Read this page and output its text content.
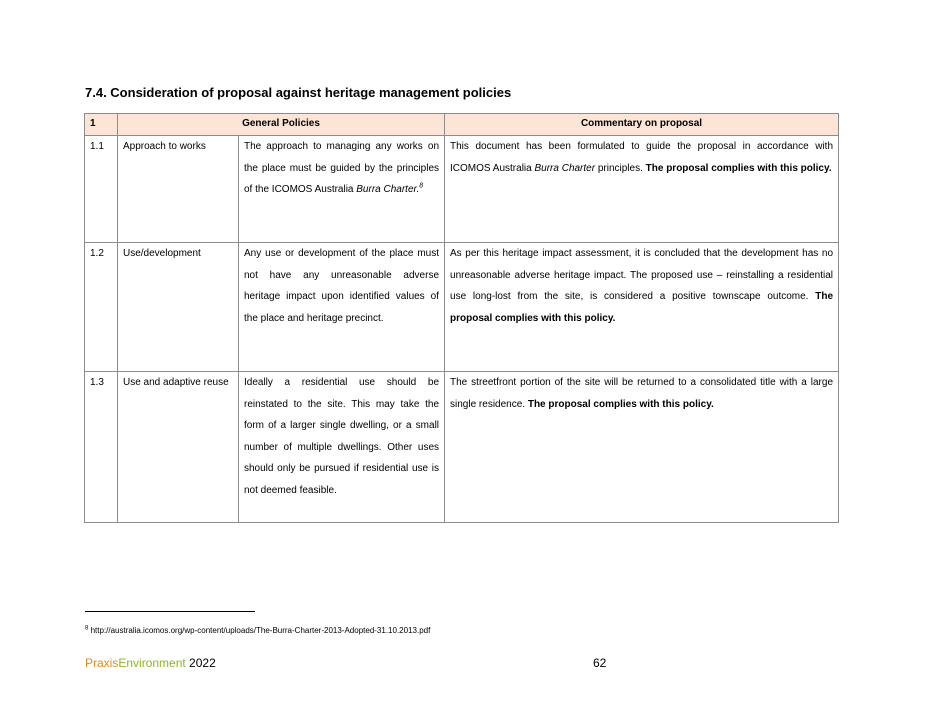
7.4. Consideration of proposal against heritage management policies
1	General Policies		Commentary on proposal
1.1	Approach to works	The approach to managing any works on the place must be guided by the principles of the ICOMOS Australia Burra Charter.$^8$	This document has been formulated to guide the proposal in accordance with ICOMOS Australia Burra Charter principles. The proposal complies with this policy.
1.2	Use/development	Any use or development of the place must not have any unreasonable adverse heritage impact upon identified values of the place and heritage precinct.	As per this heritage impact assessment, it is concluded that the development has no unreasonable adverse heritage impact. The proposed use – reinstalling a residential use long-lost from the site, is considered a positive townscape outcome. The proposal complies with this policy.
1.3	Use and adaptive reuse	Ideally a residential use should be reinstated to the site. This may take the form of a larger single dwelling, or a small number of multiple dwellings. Other uses should only be pursued if residential use is not deemed feasible.	The streetfront portion of the site will be returned to a consolidated title with a large single residence. The proposal complies with this policy.
$^8$ http://australia.icomos.org/wp-content/uploads/The-Burra-Charter-2013-Adopted-31.10.2013.pdf
PraxisEnvironment 2022	62
